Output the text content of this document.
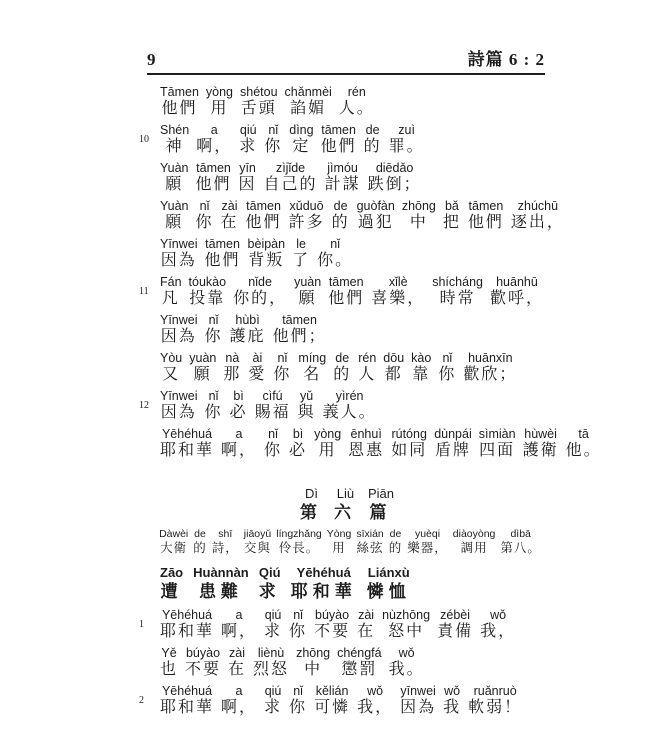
9	詩篇 6 : 2
Tāmen
他們
yòng
用
shétou
舌頭
chǎnmèi
諂媚
rén
人。
10
Shén
神
a
啊，
qiú
求
nǐ
你
dìng
定
tāmen
他們
de
的
zuì
罪。
Yuàn
願
tāmen
他們
yīn
因
zìjǐde
自己的
jìmóu
計謀
diēdǎo
跌倒；
Yuàn
願
nǐ
你
zài
在
tāmen
他們
xǔduō
許多
de
的
guòfàn
過犯
zhōng
中
bǎ
把
tāmen
他們
zhúchū
逐出，
Yīnwei
因為
tāmen
他們
bèipàn
背叛
le
了
nǐ
你。
11
Fán
凡
tóukào
投靠
nǐde
你的，
yuàn
願
tāmen
他們
xǐlè
喜樂，
shícháng
時常
huānhū
歡呼，
Yīnwei
因為
nǐ
你
hùbì
護庇
tāmen
他們；
Yòu
又
yuàn
願
nà
那
ài
愛
nǐ
你
míng
名
de
的
rén
人
dōu
都
kào
靠
nǐ
你
huānxīn
歡欣；
12
Yīnwei
因為
nǐ
你
bì
必
cìfú
賜福
yǔ
與
yìrén
義人。
Yēhéhuá
耶和華
a
啊，
nǐ
你
bì
必
yòng
用
ēnhuì
恩惠
rútóng
如同
dùnpái
盾牌
sìmiàn
四面
hùwèi
護衛
tā
他。
Dì
第
Liù
六
Piān
篇
Dàwèi
大衛
de
的
shī
詩，
jiāoyǔ
交與
língzhǎng
伶長。
Yòng
用
sīxián
絲弦
de
的
yuèqi
樂器，
diàoyòng
調用
dìbā
第八。
Zāo
遭
Huànnàn
患難
Qiú
求
Yēhéhuá
耶和華
Liánxù
憐恤
1
Yēhéhuá
耶和華
a
啊，
qiú
求
nǐ
你
búyào
不要
zài
在
nùzhōng
怒中
zébèi
責備
wǒ
我，
Yě
也
búyào
不要
zài
在
liènù
烈怒
zhōng
中
chéngfá
懲罰
wǒ
我。
2
Yēhéhuá
耶和華
a
啊，
qiú
求
nǐ
你
kělián
可憐
wǒ
我，
yīnwei
因為
wǒ
我
ruǎnruò
軟弱！
